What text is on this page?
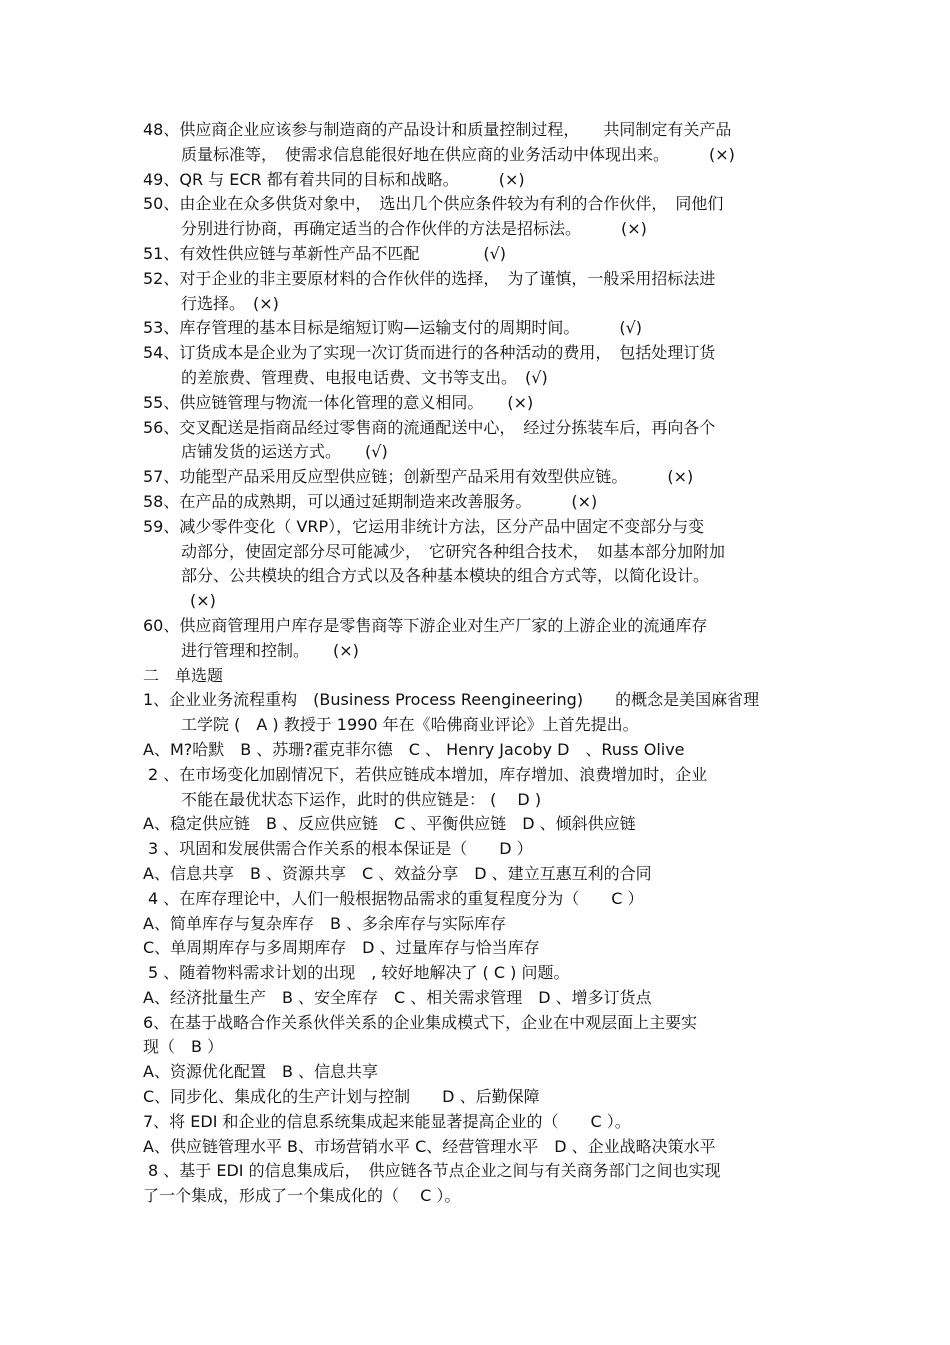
48、供应商企业应该参与制造商的产品设计和质量控制过程，　　共同制定有关产品
质量标准等，　使需求信息能很好地在供应商的业务活动中体现出来。　　　(×)
49、QR 与 ECR 都有着共同的目标和战略。　　　(×)
50、由企业在众多供货对象中，　选出几个供应条件较为有利的合作伙伴，　同他们
分别进行协商，再确定适当的合作伙伴的方法是招标法。　　　(×)
51、有效性供应链与革新性产品不匹配　　　　(√)
52、对于企业的非主要原材料的合作伙伴的选择，　为了谨慎，一般采用招标法进
行选择。　(×)
53、库存管理的基本目标是缩短订购—运输支付的周期时间。　　　(√)
54、订货成本是企业为了实现一次订货而进行的各种活动的费用，　包括处理订货
的差旅费、管理费、电报电话费、文书等支出。　(√)
55、供应链管理与物流一体化管理的意义相同。　　(×)
56、交叉配送是指商品经过零售商的流通配送中心，　经过分拣装车后，再向各个
店铺发货的运送方式。　　(√)
57、功能型产品采用反应型供应链；创新型产品采用有效型供应链。　　　(×)
58、在产品的成熟期，可以通过延期制造来改善服务。　　　(×)
59、减少零件变化（ VRP），它运用非统计方法，区分产品中固定不变部分与变
动部分，使固定部分尽可能减少，　它研究各种组合技术，　如基本部分加附加
部分、公共模块的组合方式以及各种基本模块的组合方式等，以简化设计。
(×)
60、供应商管理用户库存是零售商等下游企业对生产厂家的上游企业的流通库存
进行管理和控制。　　(×)
二　单选题
1、企业业务流程重构　(Business Process Reengineering)　　的概念是美国麻省理
工学院 (　A ) 教授于 1990 年在《哈佛商业评论》上首先提出。
A、M?哈默　B 、苏珊?霍克菲尔德　C 、 Henry Jacoby D　、Russ Olive
2 、在市场变化加剧情况下，若供应链成本增加，库存增加、浪费增加时，企业
不能在最优状态下运作，此时的供应链是： (　 D )
A、稳定供应链　B 、反应供应链　C 、平衡供应链　D 、倾斜供应链
3 、巩固和发展供需合作关系的根本保证是（　　D ）
A、信息共享　B 、资源共享　C 、效益分享　D 、建立互惠互利的合同
4 、在库存理论中，人们一般根据物品需求的重复程度分为（　　C ）
A、简单库存与复杂库存　B 、多余库存与实际库存
C、单周期库存与多周期库存　D 、过量库存与恰当库存
5 、随着物料需求计划的出现　, 较好地解决了 ( C ) 问题。
A、经济批量生产　B 、安全库存　C 、相关需求管理　D 、增多订货点
6、在基于战略合作关系伙伴关系的企业集成模式下，企业在中观层面上主要实
现（　B ）
A、资源优化配置　B 、信息共享
C、同步化、集成化的生产计划与控制　　D 、后勤保障
7、将 EDI 和企业的信息系统集成起来能显著提高企业的（　　C ）。
A、供应链管理水平 B、市场营销水平 C、经营管理水平　D 、企业战略决策水平
8 、基于 EDI 的信息集成后，　供应链各节点企业之间与有关商务部门之间也实现
了一个集成，形成了一个集成化的（　 C ）。
